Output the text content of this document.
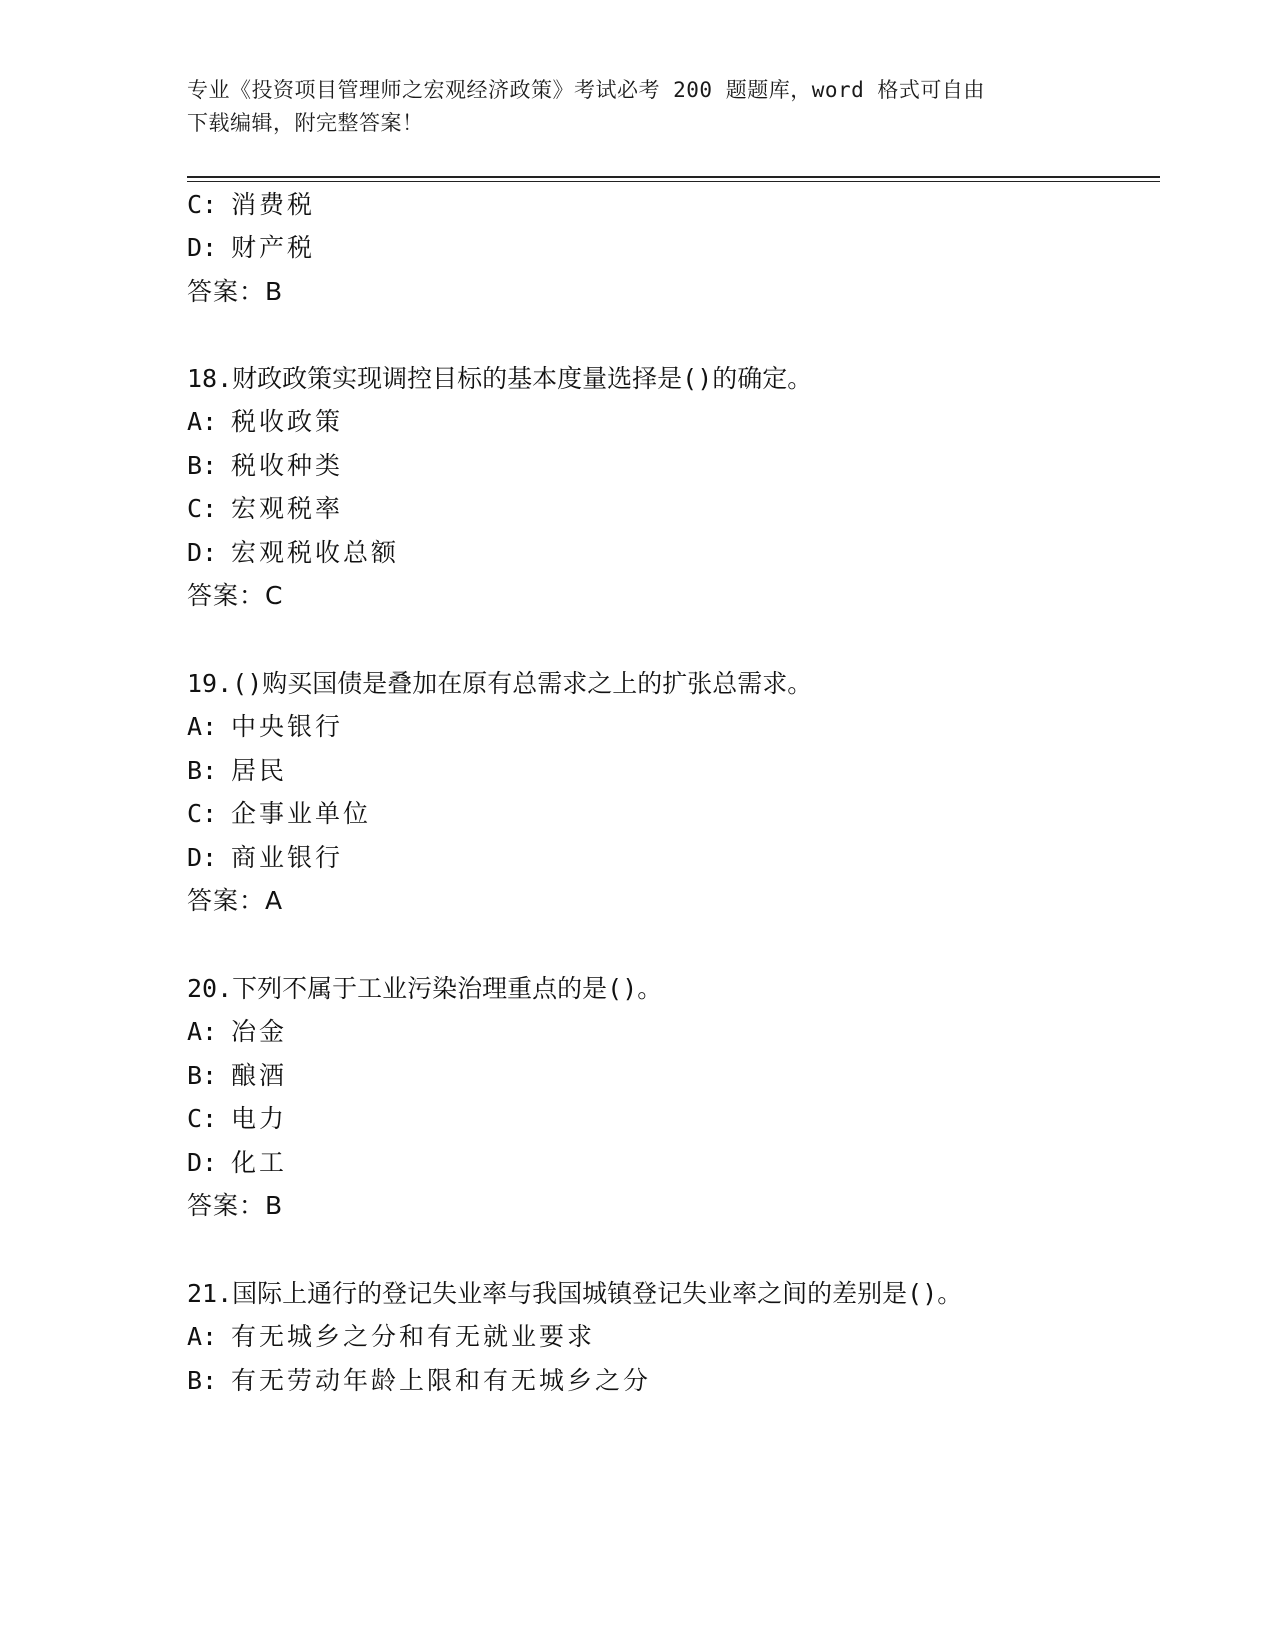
专业《投资项目管理师之宏观经济政策》考试必考 200 题题库，word 格式可自由
下载编辑，附完整答案！
C: 消费税
D: 财产税
答案：B
18.财政政策实现调控目标的基本度量选择是()的确定。
A: 税收政策
B: 税收种类
C: 宏观税率
D: 宏观税收总额
答案：C
19.()购买国债是叠加在原有总需求之上的扩张总需求。
A: 中央银行
B: 居民
C: 企事业单位
D: 商业银行
答案：A
20.下列不属于工业污染治理重点的是()。
A: 冶金
B: 酿酒
C: 电力
D: 化工
答案：B
21.国际上通行的登记失业率与我国城镇登记失业率之间的差别是()。
A: 有无城乡之分和有无就业要求
B: 有无劳动年龄上限和有无城乡之分
